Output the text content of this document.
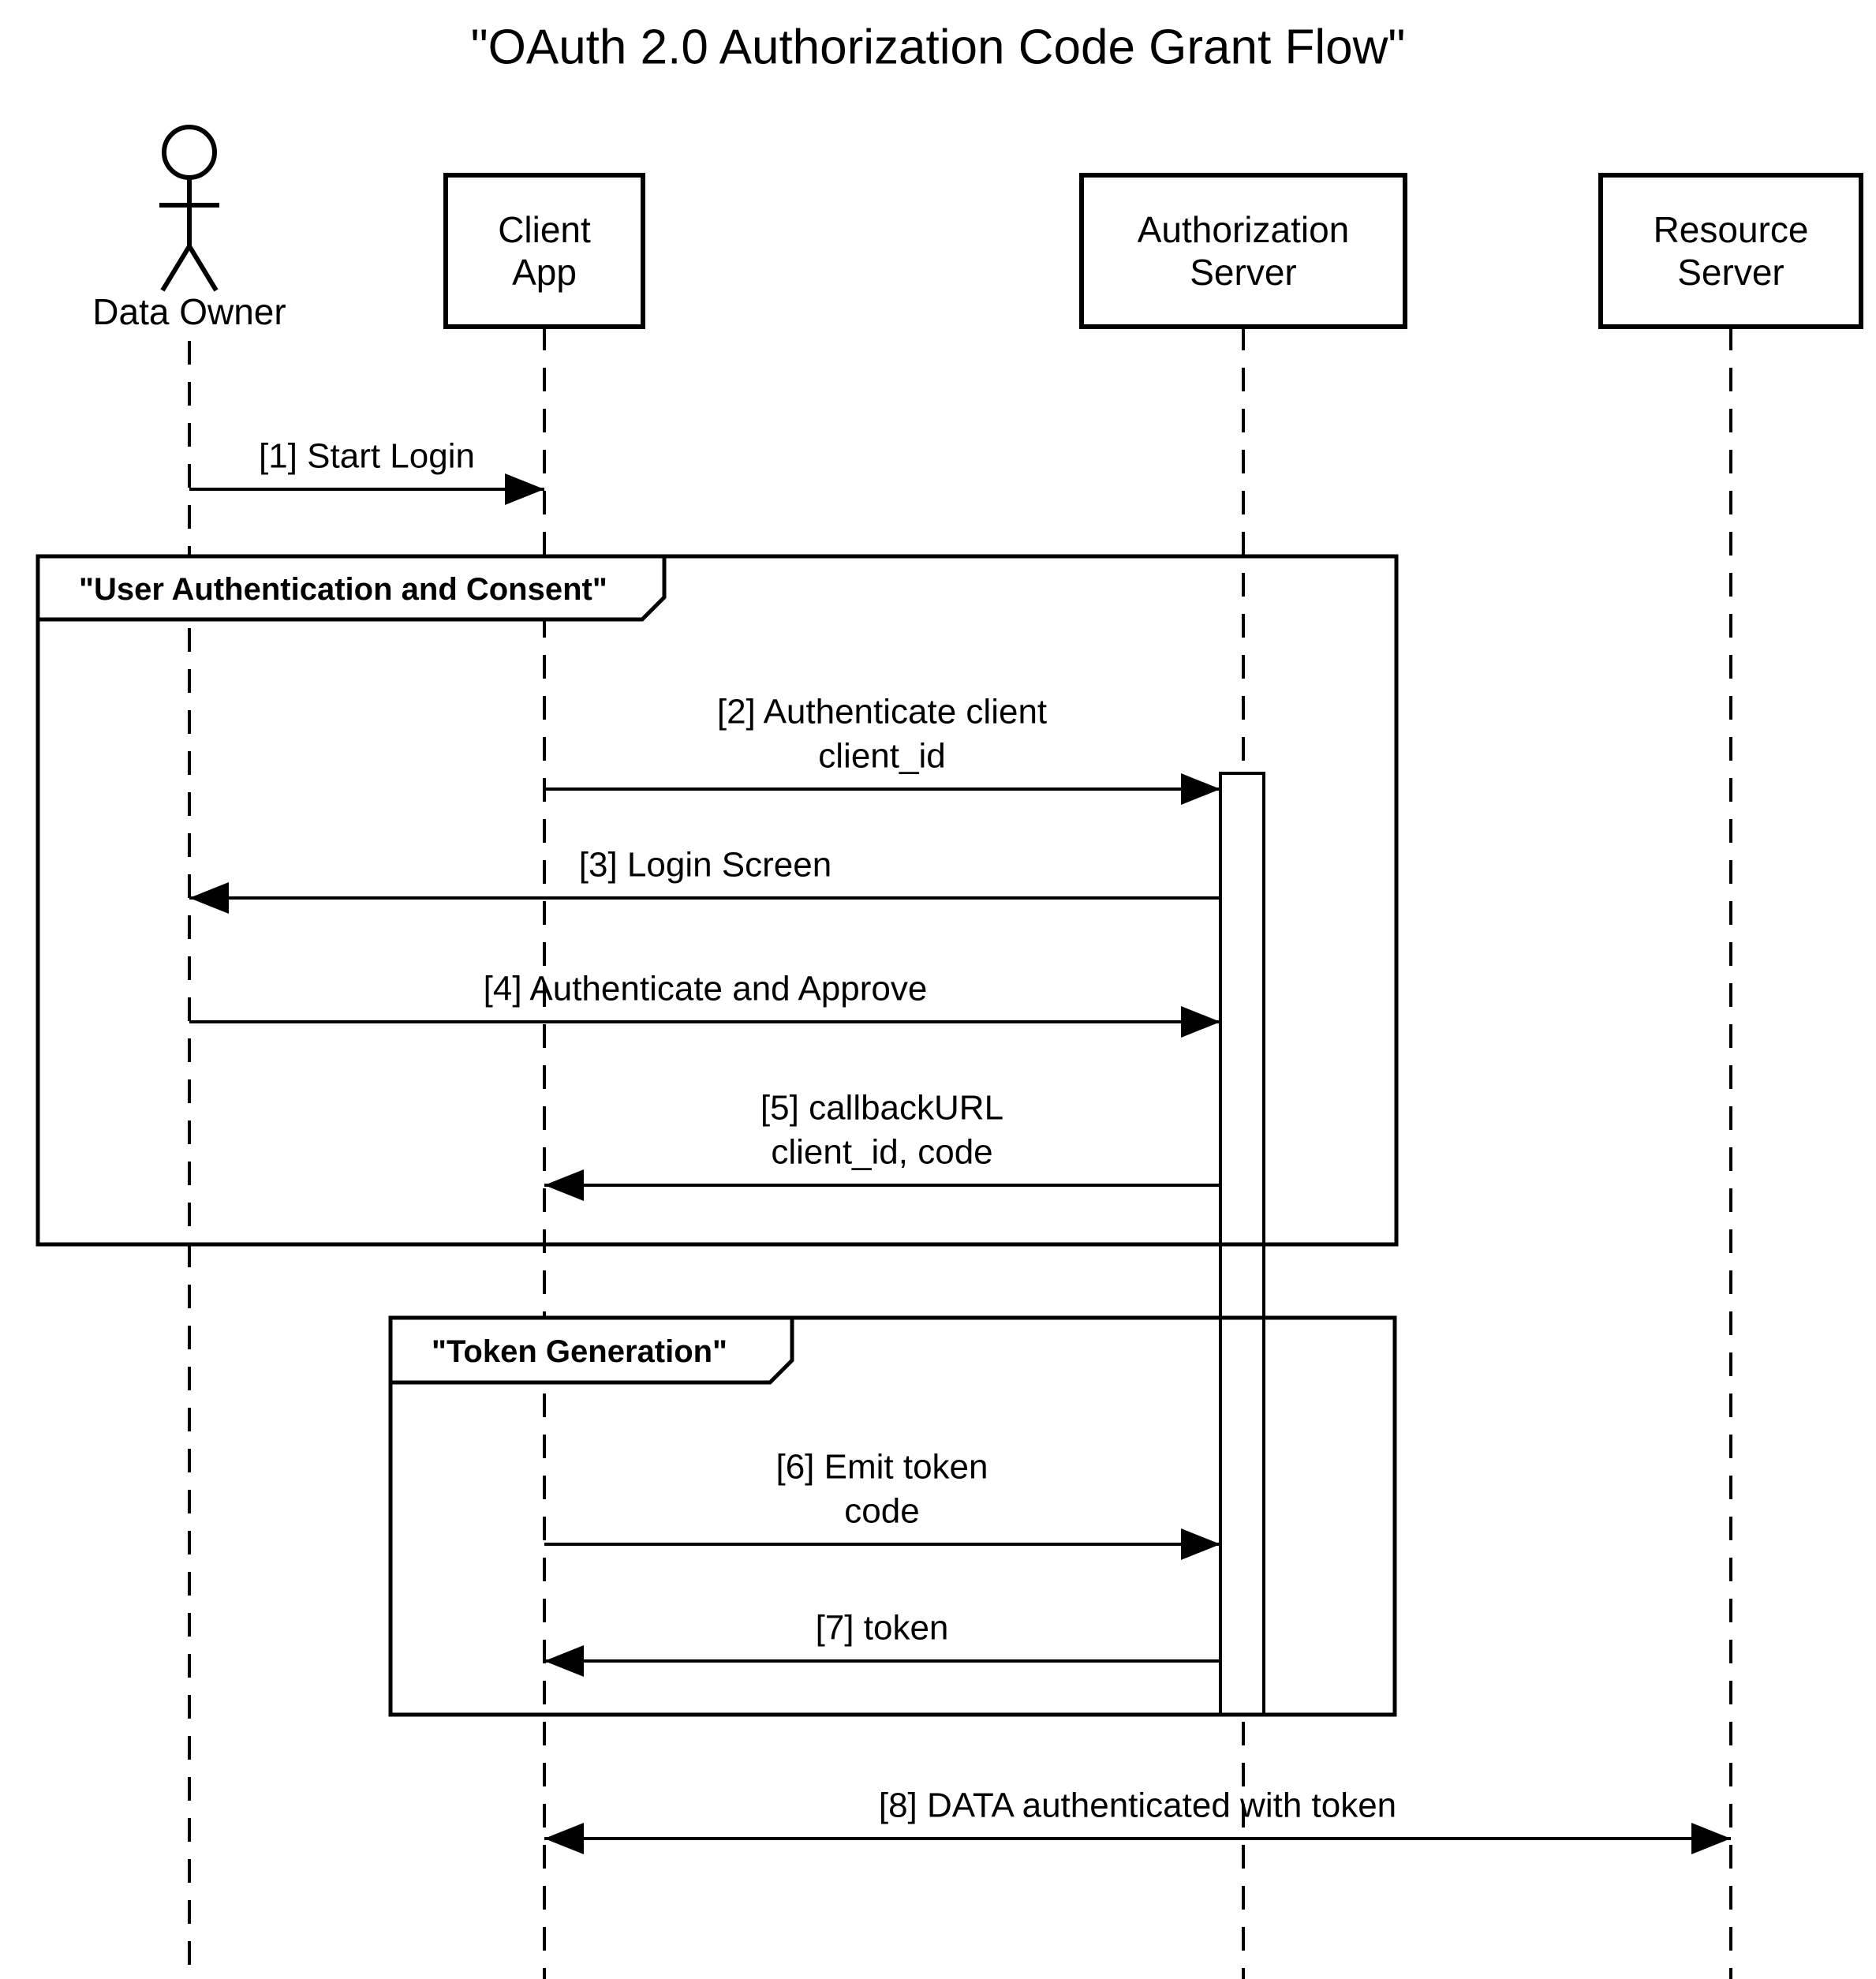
"OAuth 2.0 Authorization Code Grant Flow"
"User Authentication and Consent"
"Token Generation"
[1] Start Login
[2] Authenticate client
client_id
[3] Login Screen
[4] Authenticate and Approve
[5] callbackURL
client_id, code
[6] Emit token
code
[7] token
[8] DATA authenticated with token
Data Owner
Client
App
Authorization
Server
Resource
Server
